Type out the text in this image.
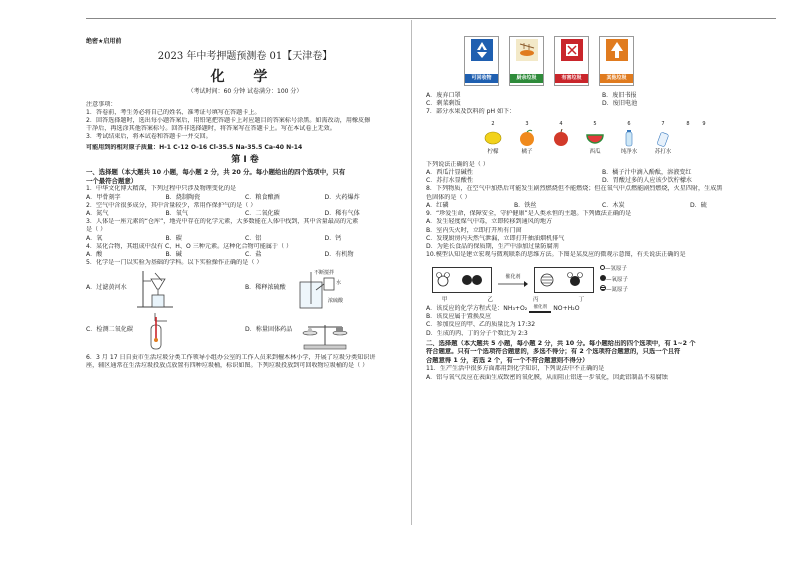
绝密★启用前
2023 年中考押题预测卷 01【天津卷】
化 学
（考试时间：60 分钟 试卷满分：100 分）
注意事项：
1．答卷前，考生务必将自己的姓名、准考证号填写在答题卡上。
2．回答选择题时，选出每小题答案后，用铅笔把答题卡上对应题目的答案标号涂黑。如需改动，用橡皮擦
干净后，再选涂其他答案标号。回答非选择题时，将答案写在答题卡上。写在本试卷上无效。
3．考试结束后，将本试卷和答题卡一并交回。
可能用到的相对原子质量：H-1 C-12 O-16 Cl-35.5 Na-35.5 Ca-40 N-14
第 I 卷
一、选择题（本大题共 10 小题，每小题 2 分，共 20 分。每小题给出的四个选项中，只有
一个最符合题意）
1．中华文化博大精深，下列过程中只涉及物理变化的是
A．甲骨刻字	B．烧制陶瓷	C．粮食酿酒	D．火药爆炸
2．空气中含很多成分，其中含量较少，常用作保护气的是（ ）
A．氮气	B．氧气	C．二氧化碳	D．稀有气体
3．人体是一座元素的“仓库”，地壳中存在的化学元素，大多数能在人体中找到，其中含量最高的元素
是（ ）
A．氧	B．碳	C．铝	D．钙
4．某化合物，其组成中没有 C、H、O 三种元素。这种化合物可能属于（ ）
A．酸	B．碱	C．盐	D．有机物
5．化学是一门以实验为基础的学科。以下实验操作正确的是（ ）
A．过滤黄河水	B．稀释浓硫酸
不断搅拌
水
浓硫酸
C．检测二氧化碳	D．称量固体药品
6．3 月 17 日自贡市生活垃圾分类工作领导小组办公室的工作人员来到檀木林小学，开展了垃圾分类知识讲
座，辅区通常在生活垃圾投放点放置有四种垃圾桶，标识如图。下列垃圾投放到可回收物垃圾桶的是（ ）
可回收物	厨余垃圾	有害垃圾	其他垃圾
A．废弃口罩	B．废旧书报
C．剩菜剩饭	D．废旧电池
7．部分水果及饮料的 pH 如下：
2
柠檬
3
橘子
4	5
西瓜
6
纯净水
7
苏打水
8	9
下列说法正确的是（ ）
A．西瓜汁显碱性	B．橘子汁中滴入酚酞，溶液变红
C．苏打水显酸性	D．胃酸过多的人应该少饮柠檬水
8．下列物质，在空气中加热后可能发生剧烈燃烧但不能燃烧；但在氧气中点燃能剧烈燃烧，火星四射，生成黑
色固体的是（ ）
A．红磷	B．铁丝	C．木炭	D．硫
9．“珍爱生命，保障安全，守护健康”是人类永恒的主题。下列做法正确的是
A．发生轻度煤气中毒，立即转移到通风的地方
B．室内失火时，立即打开所有门窗
C．发现厨房内天然气泄漏，立即打开抽油烟机排气
D．为延长食品的保质期，生产中添加过量防腐剂
10.模型认知是建立宏观与微观联系的思维方法。下图是某反应的微观示意图，有关说法正确的是
催化剂
—氢原子
—氧原子
—氮原子
甲	乙	丙	丁
A．该反应的化学方程式是： NH₃+O₂ 催化剂 NO+H₂O
B．该反应属于置换反应
C．参加反应的甲、乙的质量比为 17:32
D．生成的丙、丁的分子个数比为 2:3
二、选择题（本大题共 5 小题，每小题 2 分，共 10 分。每小题给出的四个选项中，有 1~2 个
符合题意。只有一个选项符合题意的，多选不得分；有 2 个选项符合题意的，只选一个且符
合题意得 1 分，若选 2 个，有一个不符合题意则不得分）
11．生产生活中很多方面都用到化学知识，下列说法中不正确的是
A．铝与氧气反应在表面生成致密的氧化膜，从而阻止铝进一步氧化，因此铝制品不易腐蚀
